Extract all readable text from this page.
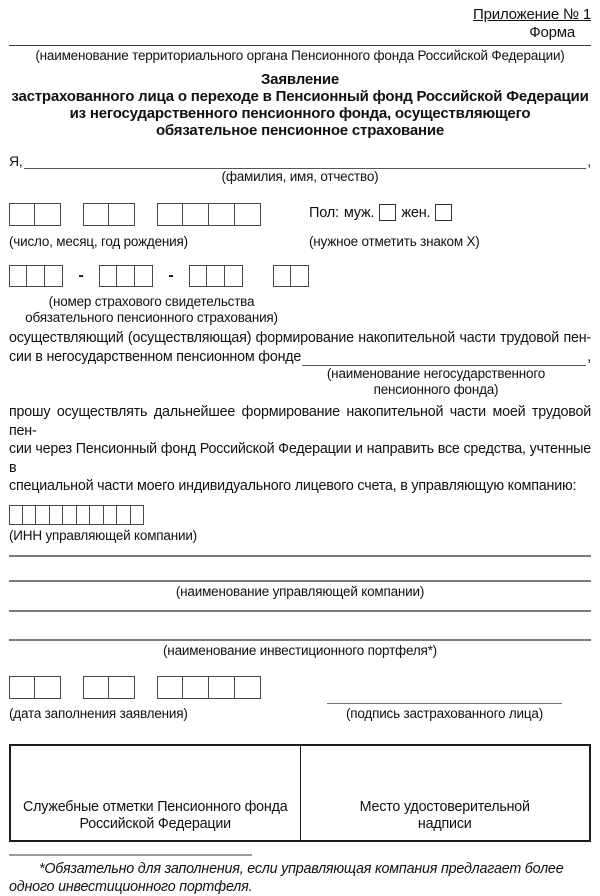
Приложение № 1
Форма
(наименование территориального органа Пенсионного фонда Российской Федерации)
Заявление
застрахованного лица о переходе в Пенсионный фонд Российской Федерации
из негосударственного пенсионного фонда, осуществляющего
обязательное пенсионное страхование
Я,	,
(фамилия, имя, отчество)
Пол: муж. жен.
(число, месяц, год рождения)	(нужное отметить знаком X)
-	-
(номер страхового свидетельства
обязательного пенсионного страхования)
осуществляющий (осуществляющая) формирование накопительной части трудовой пен-
сии в негосударственном пенсионном фонде	,
(наименование негосударственного
пенсионного фонда)
прошу осуществлять дальнейшее формирование накопительной части моей трудовой пен-
сии через Пенсионный фонд Российской Федерации и направить все средства, учтенные в
специальной части моего индивидуального лицевого счета, в управляющую компанию:
(ИНН управляющей компании)
(наименование управляющей компании)
(наименование инвестиционного портфеля*)
(дата заполнения заявления)	(подпись застрахованного лица)
Служебные отметки Пенсионного фонда
Российской Федерации
Место удостоверительной
надписи
*Обязательно для заполнения, если управляющая компания предлагает более одного инвестиционного портфеля.
